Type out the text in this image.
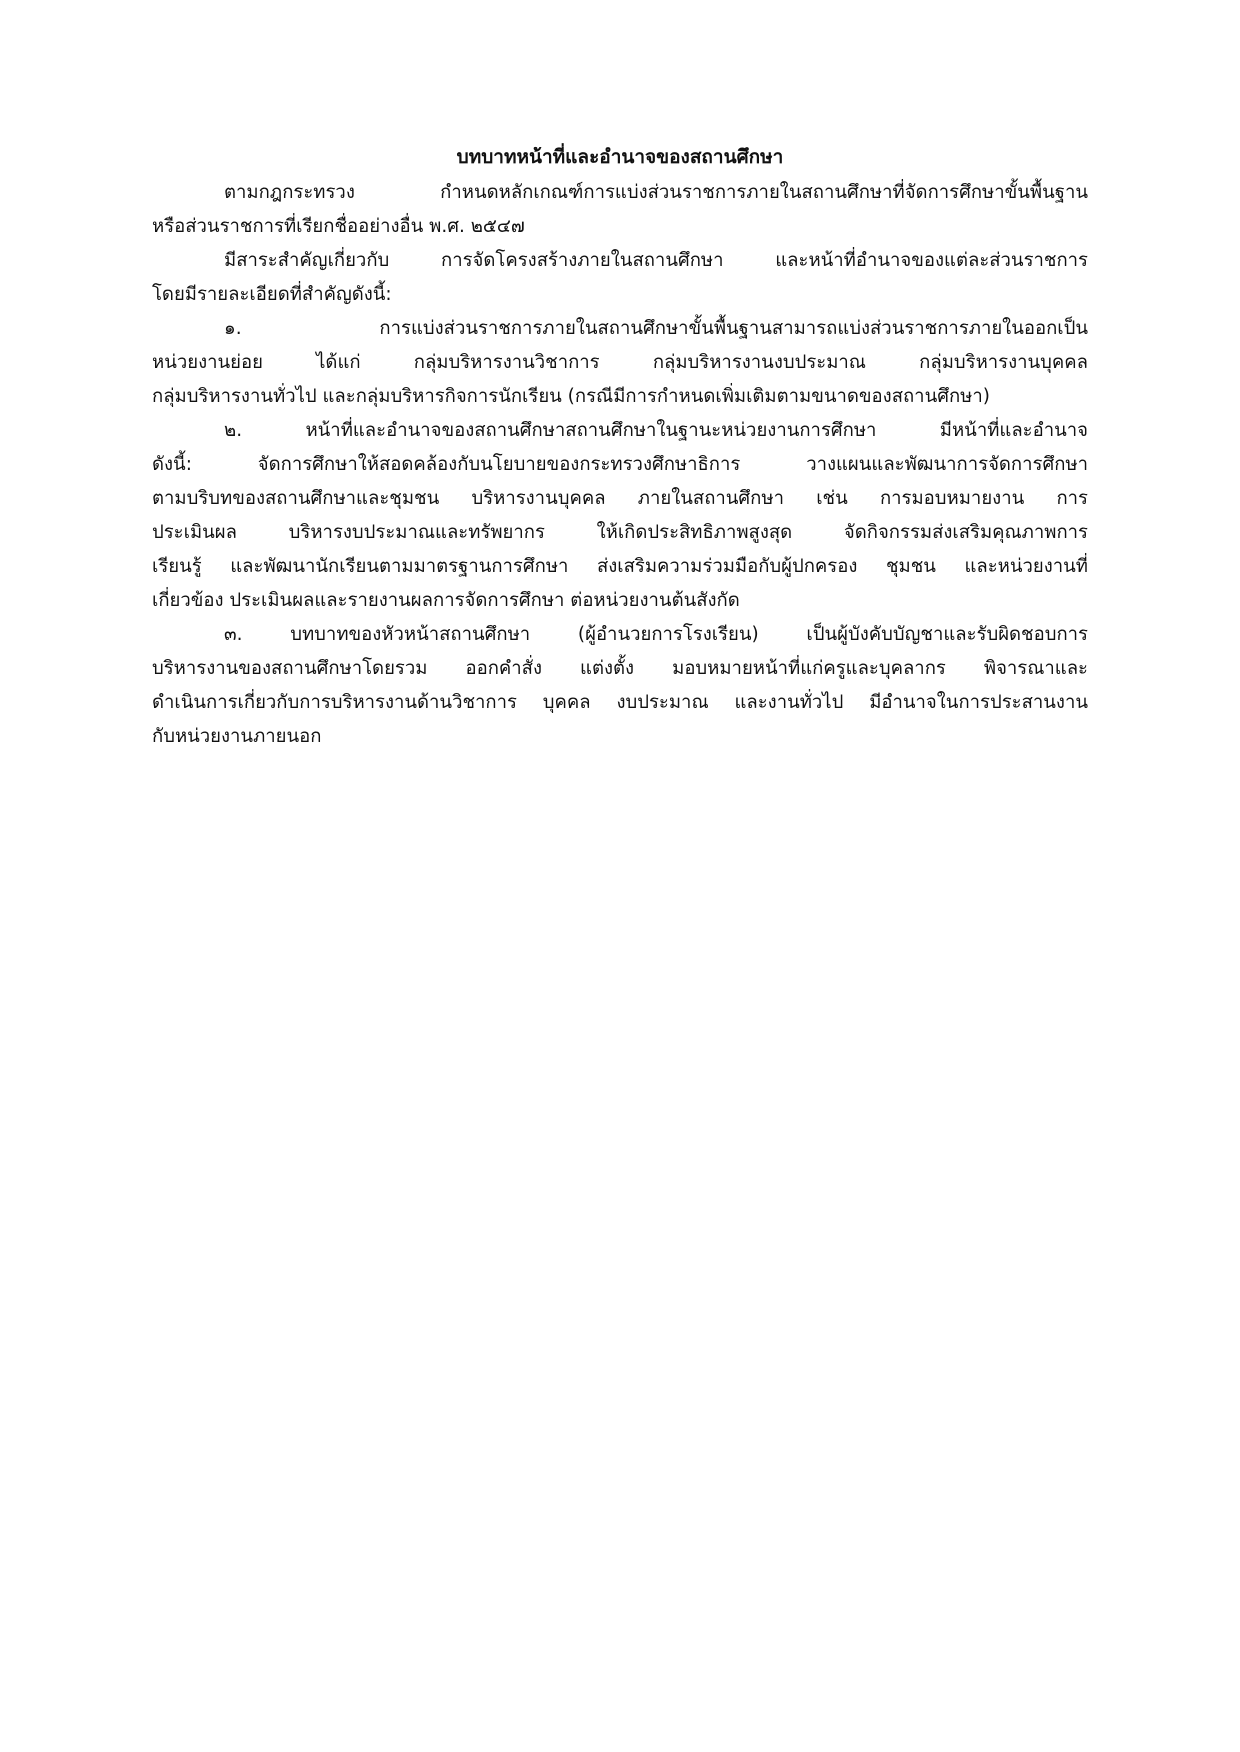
บทบาทหน้าที่และอำนาจของสถานศึกษา
ตามกฎกระทรวง กำหนดหลักเกณฑ์การแบ่งส่วนราชการภายในสถานศึกษาที่จัดการศึกษาขั้นพื้นฐาน
หรือส่วนราชการที่เรียกชื่ออย่างอื่น พ.ศ. ๒๕๔๗
มีสาระสำคัญเกี่ยวกับ การจัดโครงสร้างภายในสถานศึกษา และหน้าที่อำนาจของแต่ละส่วนราชการ
โดยมีรายละเอียดที่สำคัญดังนี้:
๑. การแบ่งส่วนราชการภายในสถานศึกษาขั้นพื้นฐานสามารถแบ่งส่วนราชการภายในออกเป็น
หน่วยงานย่อย ได้แก่ กลุ่มบริหารงานวิชาการ กลุ่มบริหารงานงบประมาณ กลุ่มบริหารงานบุคคล
กลุ่มบริหารงานทั่วไป และกลุ่มบริหารกิจการนักเรียน (กรณีมีการกำหนดเพิ่มเติมตามขนาดของสถานศึกษา)
๒. หน้าที่และอำนาจของสถานศึกษาสถานศึกษาในฐานะหน่วยงานการศึกษา มีหน้าที่และอำนาจ
ดังนี้: จัดการศึกษาให้สอดคล้องกับนโยบายของกระทรวงศึกษาธิการ วางแผนและพัฒนาการจัดการศึกษา
ตามบริบทของสถานศึกษาและชุมชน บริหารงานบุคคล ภายในสถานศึกษา เช่น การมอบหมายงาน การ
ประเมินผล บริหารงบประมาณและทรัพยากร ให้เกิดประสิทธิภาพสูงสุด จัดกิจกรรมส่งเสริมคุณภาพการ
เรียนรู้ และพัฒนานักเรียนตามมาตรฐานการศึกษา ส่งเสริมความร่วมมือกับผู้ปกครอง ชุมชน และหน่วยงานที่
เกี่ยวข้อง ประเมินผลและรายงานผลการจัดการศึกษา ต่อหน่วยงานต้นสังกัด
๓. บทบาทของหัวหน้าสถานศึกษา (ผู้อำนวยการโรงเรียน) เป็นผู้บังคับบัญชาและรับผิดชอบการ
บริหารงานของสถานศึกษาโดยรวม ออกคำสั่ง แต่งตั้ง มอบหมายหน้าที่แก่ครูและบุคลากร พิจารณาและ
ดำเนินการเกี่ยวกับการบริหารงานด้านวิชาการ บุคคล งบประมาณ และงานทั่วไป มีอำนาจในการประสานงาน
กับหน่วยงานภายนอก
